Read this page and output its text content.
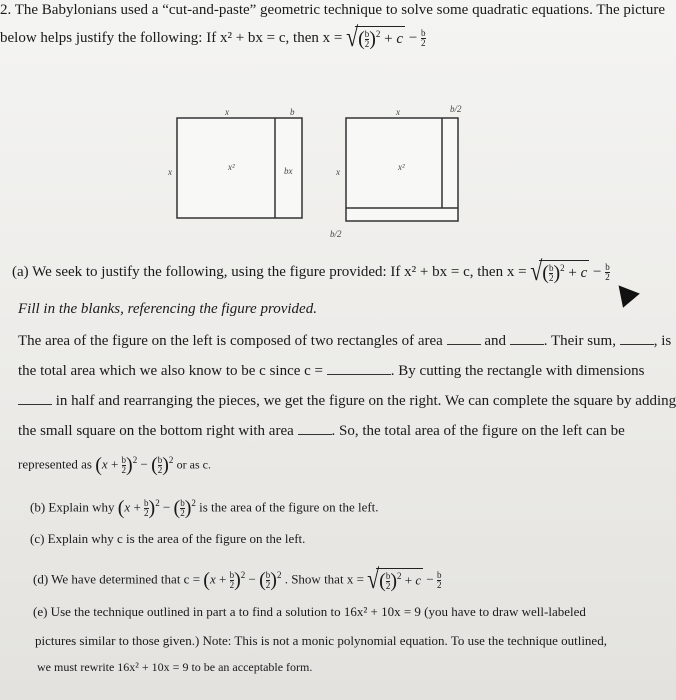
2. The Babylonians used a “cut-and-paste” geometric technique to solve some quadratic equations. The picture
below helps justify the following: If x² + bx = c, then x = √ ( $\frac{b}{2} )^2 + c - \frac{b}{2}$
x	b
x	x²	bx
x	b/2
x	x²
b/2
(a) We seek to justify the following, using the figure provided: If x² + bx = c, then x = √ ( $\frac{b}{2} )^2 + c - \frac{b}{2}$
Fill in the blanks, referencing the figure provided.
The area of the figure on the left is composed of two rectangles of area	and	. Their sum,	, is
the total area which we also know to be c since c =	. By cutting the rectangle with dimensions
in half and rearranging the pieces, we get the figure on the right. We can complete the square by adding
the small square on the bottom right with area	. So, the total area of the figure on the left can be
represented as $(x + \frac{b}{2} )^2$ − ( $\frac{b}{2} )^2$ or as c.
(b) Explain why $(x + \frac{b}{2} )^2$ − ( $\frac{b}{2} )^2$ is the area of the figure on the left.
(c) Explain why c is the area of the figure on the left.
(d) We have determined that $c = (x + \frac{b}{2} )^2$ − ( $\frac{b}{2} )^2$ . Show that x = √ ( $\frac{b}{2} )^2 + c - \frac{b}{2}$
(e) Use the technique outlined in part a to find a solution to 16x² + 10x = 9 (you have to draw well-labeled
pictures similar to those given.) Note: This is not a monic polynomial equation. To use the technique outlined,
we must rewrite 16x² + 10x = 9 to be an acceptable form.
